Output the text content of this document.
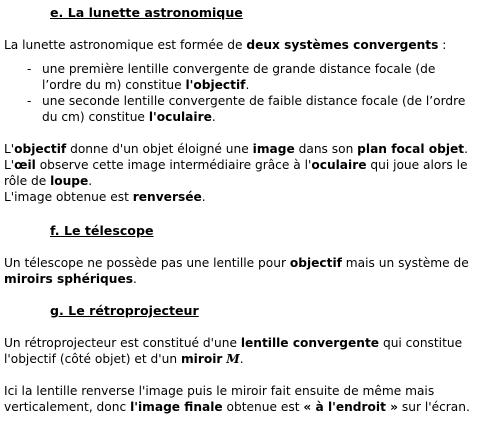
e. La lunette astronomique

La lunette astronomique est formée de deux systèmes convergents :

- une première lentille convergente de grande distance focale (de l’ordre du m) constitue l'objectif.
- une seconde lentille convergente de faible distance focale (de l’ordre du cm) constitue l'oculaire.

L'objectif donne d'un objet éloigné une image dans son plan focal objet.
L'œil observe cette image intermédiaire grâce à l'oculaire qui joue alors le rôle de loupe.
L'image obtenue est renversée.

f. Le télescope

Un télescope ne possède pas une lentille pour objectif mais un système de miroirs sphériques.

g. Le rétroprojecteur

Un rétroprojecteur est constitué d'une lentille convergente qui constitue l'objectif (côté objet) et d'un miroir M.

Ici la lentille renverse l'image puis le miroir fait ensuite de même mais verticalement, donc l'image finale obtenue est « à l'endroit » sur l'écran.
